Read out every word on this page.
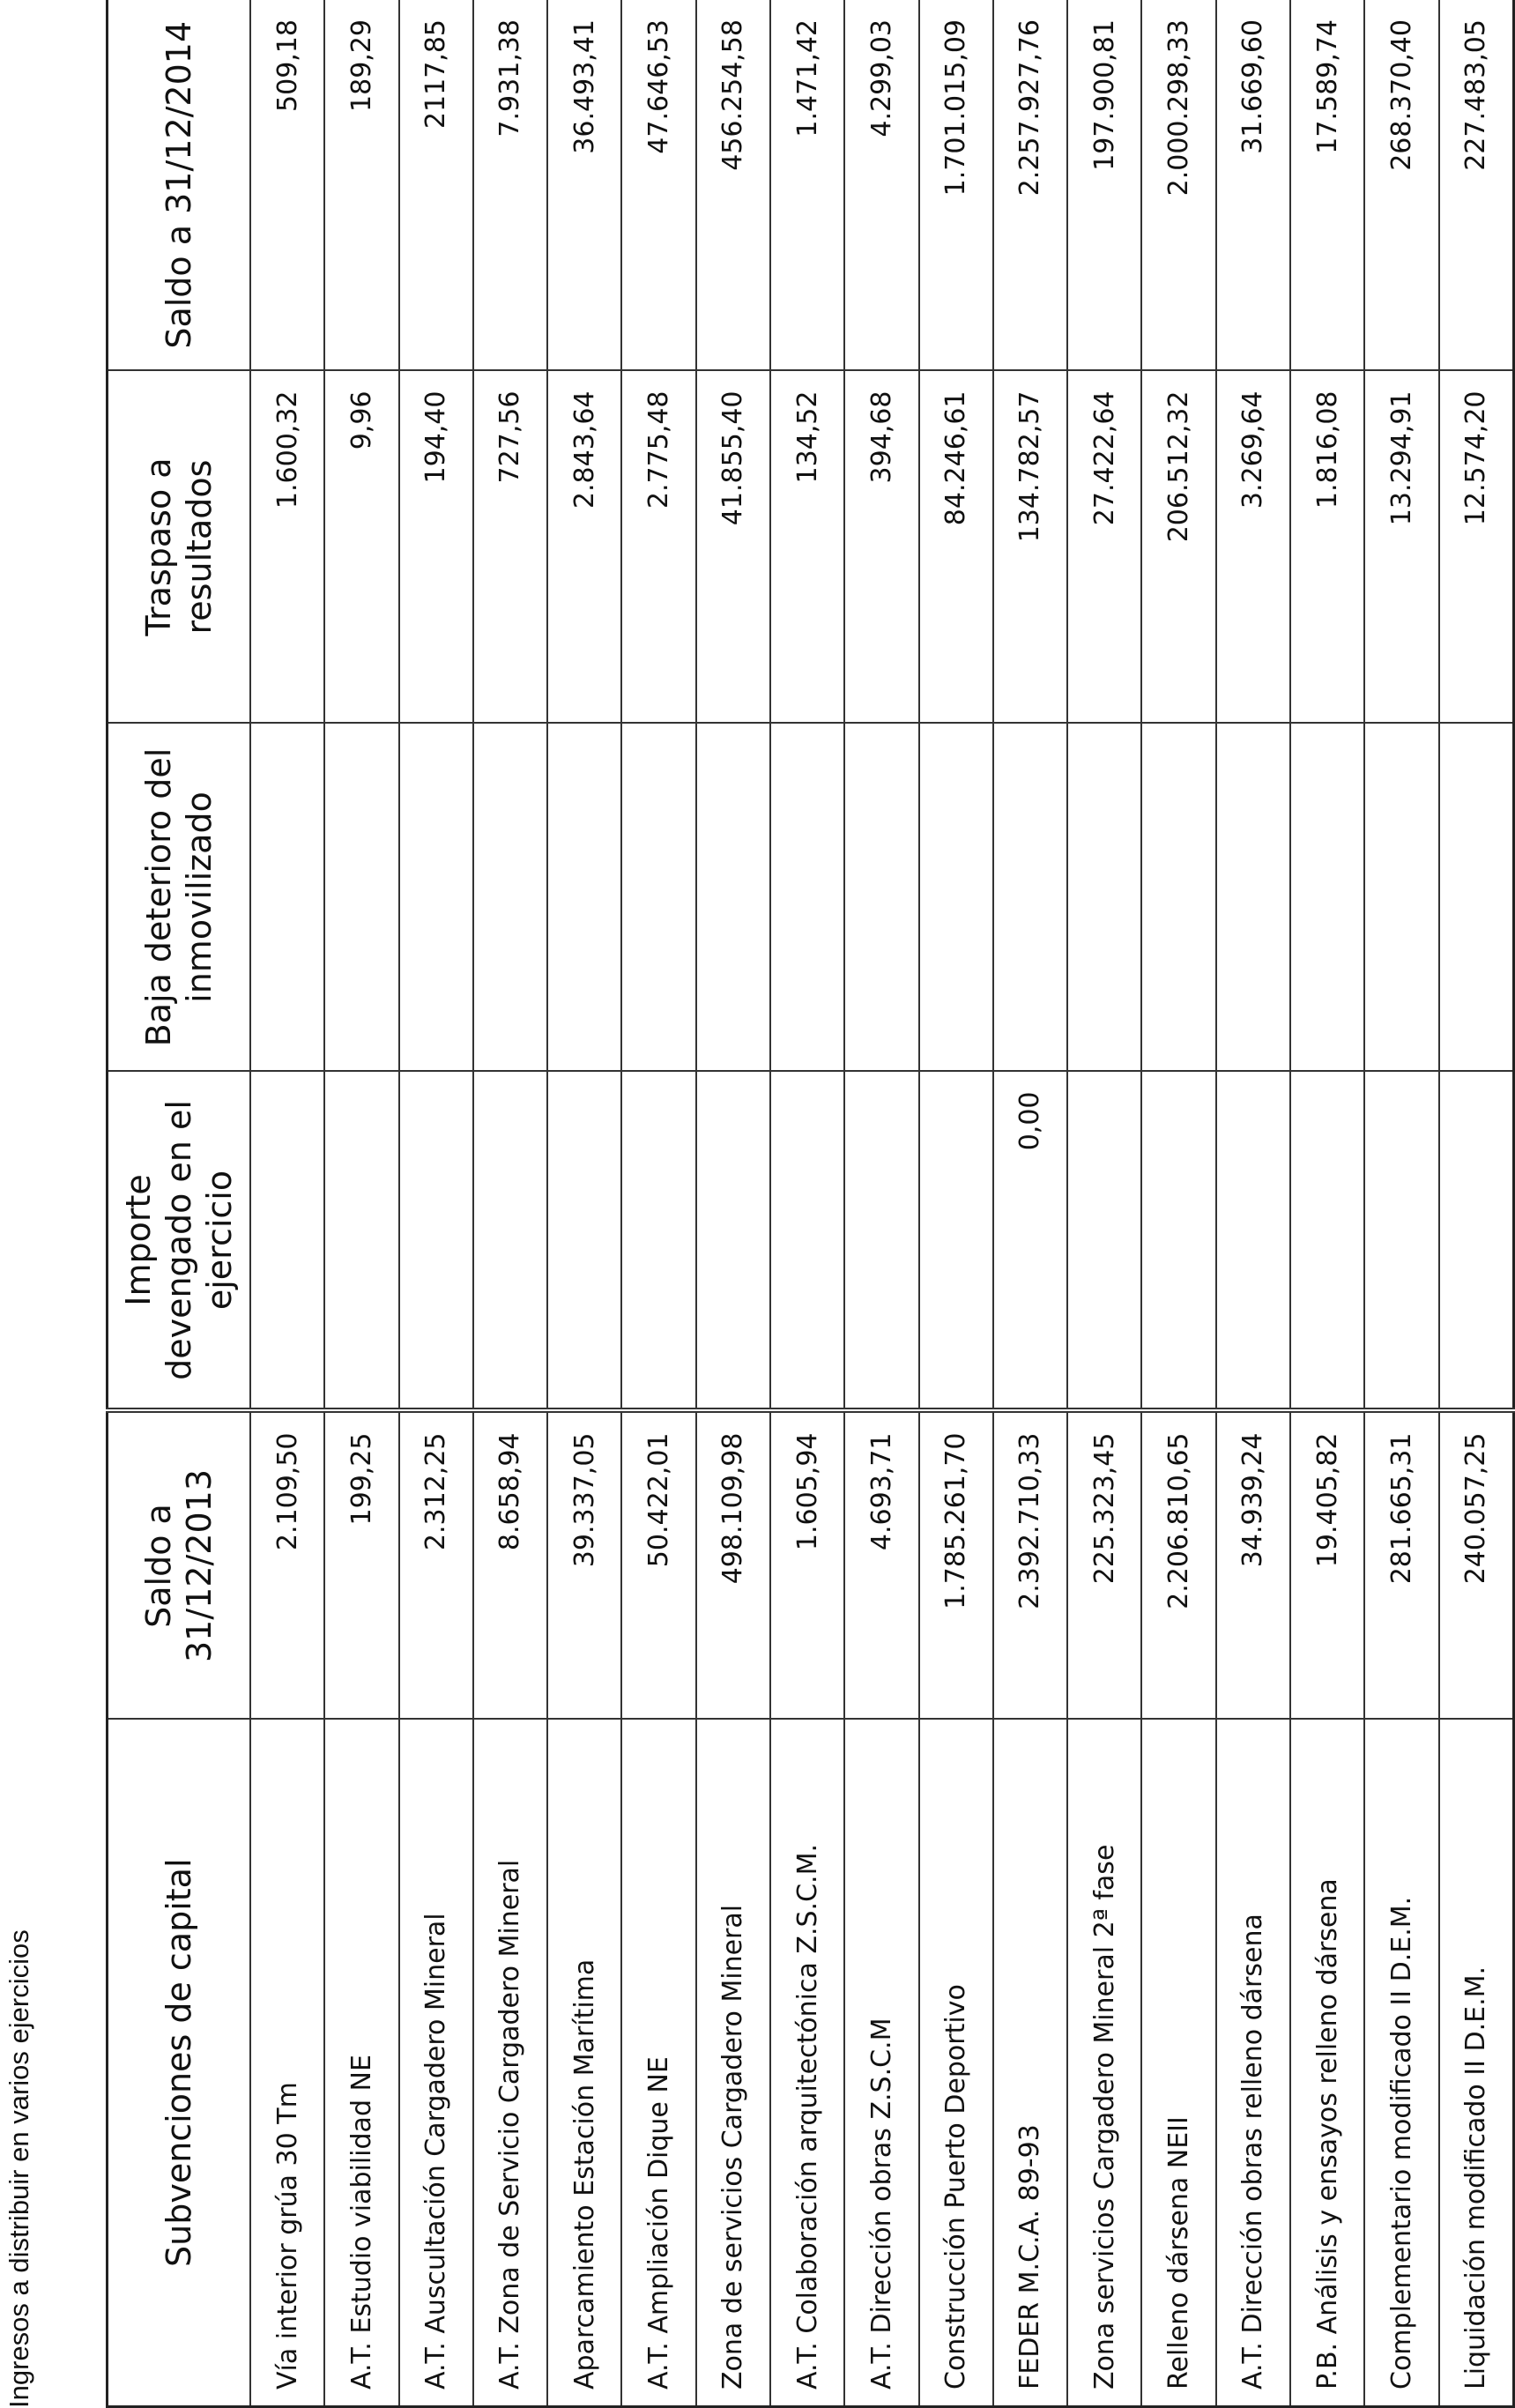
Ingresos a distribuir en varios ejercicios	Subvenciones de capital	Saldo a 31/12/2013	Importe devengado en el ejercicio	Baja deterioro del inmovilizado	Traspaso a resultados	Saldo a 31/12/2014
Vía interior grúa 30 Tm	2.109,50			1.600,32	509,18
A.T. Estudio viabilidad NE	199,25			9,96	189,29
A.T. Auscultación Cargadero Mineral	2.312,25			194,40	2117,85
A.T. Zona de Servicio Cargadero Mineral	8.658,94			727,56	7.931,38
Aparcamiento Estación Marítima	39.337,05			2.843,64	36.493,41
A.T. Ampliación Dique NE	50.422,01			2.775,48	47.646,53
Zona de servicios Cargadero Mineral	498.109,98			41.855,40	456.254,58
A.T. Colaboración arquitectónica Z.S.C.M.	1.605,94			134,52	1.471,42
A.T. Dirección obras Z.S.C.M	4.693,71			394,68	4.299,03
Construcción Puerto Deportivo	1.785.261,70			84.246,61	1.701.015,09
FEDER M.C.A. 89-93	2.392.710,33	0,00		134.782,57	2.257.927,76
Zona servicios Cargadero Mineral 2ª fase	225.323,45			27.422,64	197.900,81
Relleno dársena NEII	2.206.810,65			206.512,32	2.000.298,33
A.T. Dirección obras relleno dársena	34.939,24			3.269,64	31.669,60
P.B. Análisis y ensayos relleno dársena	19.405,82			1.816,08	17.589,74
Complementario modificado II D.E.M.	281.665,31			13.294,91	268.370,40
Liquidación modificado II D.E.M.	240.057,25			12.574,20	227.483,05
